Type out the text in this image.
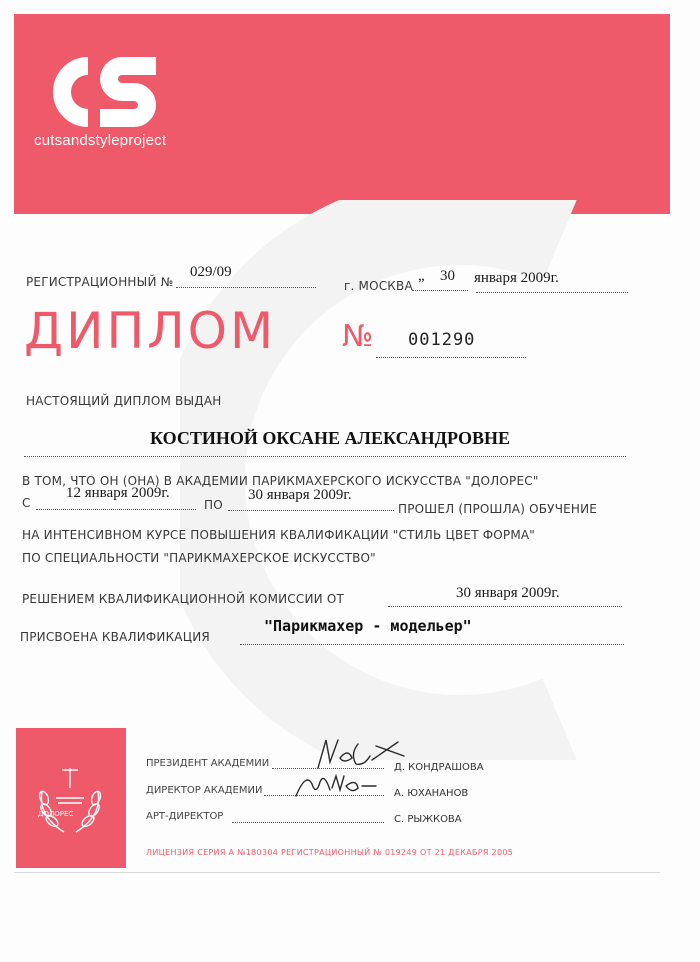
cutsandstyleproject
РЕГИСТРАЦИОННЫЙ №
029/09
г. МОСКВА
„ 30 января 2009г.
ДИПЛОМ № 001290
НАСТОЯЩИЙ ДИПЛОМ ВЫДАН
КОСТИНОЙ ОКСАНЕ АЛЕКСАНДРОВНЕ
В ТОМ, ЧТО ОН (ОНА) В АКАДЕМИИ ПАРИКМАХЕРСКОГО ИСКУССТВА "ДОЛОРЕС"
С
12 января 2009г.
ПО
30 января 2009г.
ПРОШЕЛ (ПРОШЛА) ОБУЧЕНИЕ
НА ИНТЕНСИВНОМ КУРСЕ ПОВЫШЕНИЯ КВАЛИФИКАЦИИ "СТИЛЬ ЦВЕТ ФОРМА"
ПО СПЕЦИАЛЬНОСТИ "ПАРИКМАХЕРСКОЕ ИСКУССТВО"
РЕШЕНИЕМ КВАЛИФИКАЦИОННОЙ КОМИССИИ ОТ	30 января 2009г.
ПРИСВОЕНА КВАЛИФИКАЦИЯ
"Парикмахер - модельер"
ДОЛОРЕС
ПРЕЗИДЕНТ АКАДЕМИИ	Д. КОНДРАШОВА
ДИРЕКТОР АКАДЕМИИ	А. ЮХАНАНОВ
АРТ-ДИРЕКТОР	С. РЫЖКОВА
ЛИЦЕНЗИЯ СЕРИЯ А №180304 РЕГИСТРАЦИОННЫЙ № 019249 ОТ 21 ДЕКАБРЯ 2005
